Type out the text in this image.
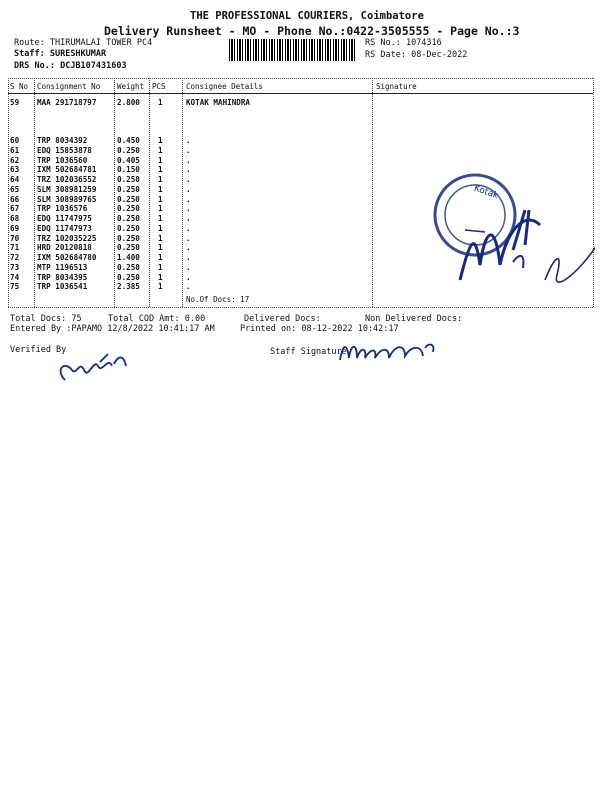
THE PROFESSIONAL COURIERS, Coimbatore
Delivery Runsheet - MO - Phone No.:0422-3505555 - Page No.:3
Route: THIRUMALAI TOWER PC4
Staff: SURESHKUMAR
DRS No.: DCJB107431603
RS No.: 1074316
RS Date: 08-Dec-2022
S No Consignment No Weight PCS	Consignee Details	Signature
59 MAA 291718797	2.800 1	KOTAK MAHINDRA
60 TRP 8034392	0.450 1	.
61 EDQ 15853878	0.250 1	.
62 TRP 1036560	0.405 1	.
63 IXM 502684781	0.150 1	.
64 TRZ 102036552	0.250 1	.
65 SLM 308981259	0.250 1	.
66 SLM 308989765	0.250 1	.
67 TRP 1036576	0.250 1	.
68 EDQ 11747975	0.250 1	.
69 EDQ 11747973	0.250 1	.
70 TRZ 102035225	0.250 1	.
71 HRD 20120818	0.250 1	.
72 IXM 502684780	1.400 1	.
73 MTP 1196513	0.250 1	.
74 TRP 8034395	0.250 1	.
75 TRP 1036541	2.385 1	.
No.Of Docs: 17
Total Docs: 75	Total COD Amt: 0.00	Delivered Docs:	Non Delivered Docs:
Entered By :PAPAMO 12/8/2022 10:41:17 AM	Printed on: 08-12-2022 10:42:17
Verified By	Staff Signature
Kotak
